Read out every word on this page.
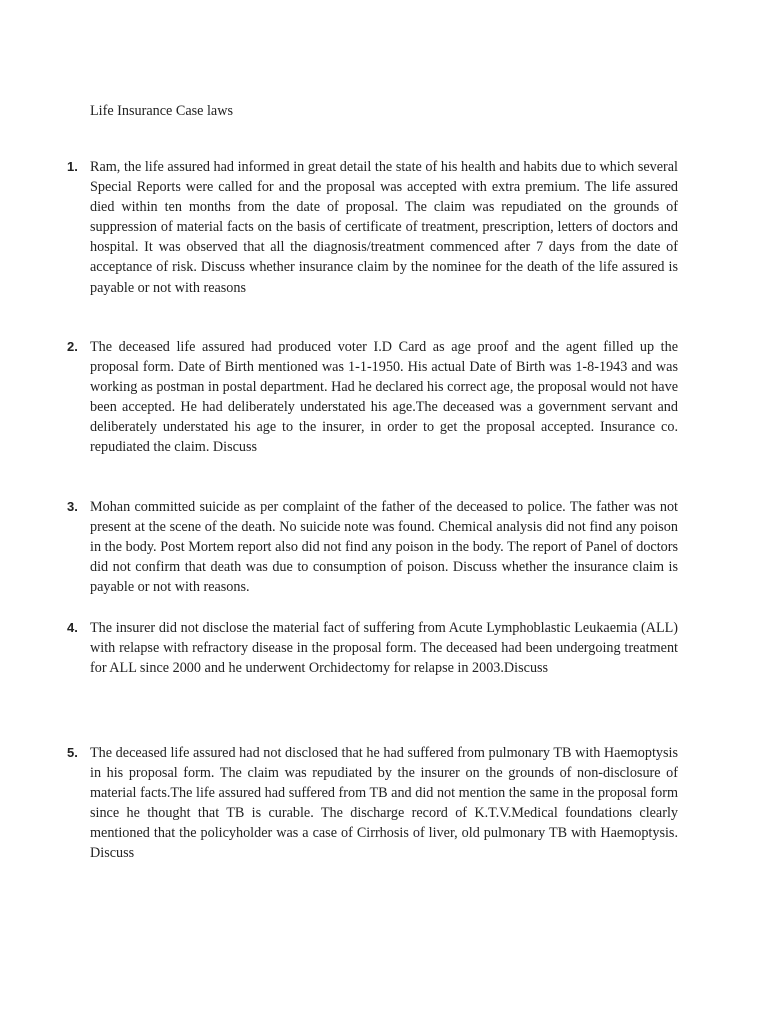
Life Insurance Case laws
1. Ram, the life assured had informed in great detail the state of his health and habits due to which several Special Reports were called for and the proposal was accepted with extra premium. The life assured died within ten months from the date of proposal. The claim was repudiated on the grounds of suppression of material facts on the basis of certificate of treatment, prescription, letters of doctors and hospital. It was observed that all the diagnosis/treatment commenced after 7 days from the date of acceptance of risk. Discuss whether insurance claim by the nominee for the death of the life assured is payable or not with reasons

2. The deceased life assured had produced voter I.D Card as age proof and the agent filled up the proposal form. Date of Birth mentioned was 1-1-1950. His actual Date of Birth was 1-8-1943 and was working as postman in postal department. Had he declared his correct age, the proposal would not have been accepted. He had deliberately understated his age.The deceased was a government servant and deliberately understated his age to the insurer, in order to get the proposal accepted. Insurance co. repudiated the claim. Discuss

3. Mohan committed suicide as per complaint of the father of the deceased to police. The father was not present at the scene of the death. No suicide note was found. Chemical analysis did not find any poison in the body. Post Mortem report also did not find any poison in the body. The report of Panel of doctors did not confirm that death was due to consumption of poison. Discuss whether the insurance claim is payable or not with reasons.

4. The insurer did not disclose the material fact of suffering from Acute Lymphoblastic Leukaemia (ALL) with relapse with refractory disease in the proposal form. The deceased had been undergoing treatment for ALL since 2000 and he underwent Orchidectomy for relapse in 2003.Discuss

5. The deceased life assured had not disclosed that he had suffered from pulmonary TB with Haemoptysis in his proposal form. The claim was repudiated by the insurer on the grounds of non-disclosure of material facts.The life assured had suffered from TB and did not mention the same in the proposal form since he thought that TB is curable. The discharge record of K.T.V.Medical foundations clearly mentioned that the policyholder was a case of Cirrhosis of liver, old pulmonary TB with Haemoptysis. Discuss
